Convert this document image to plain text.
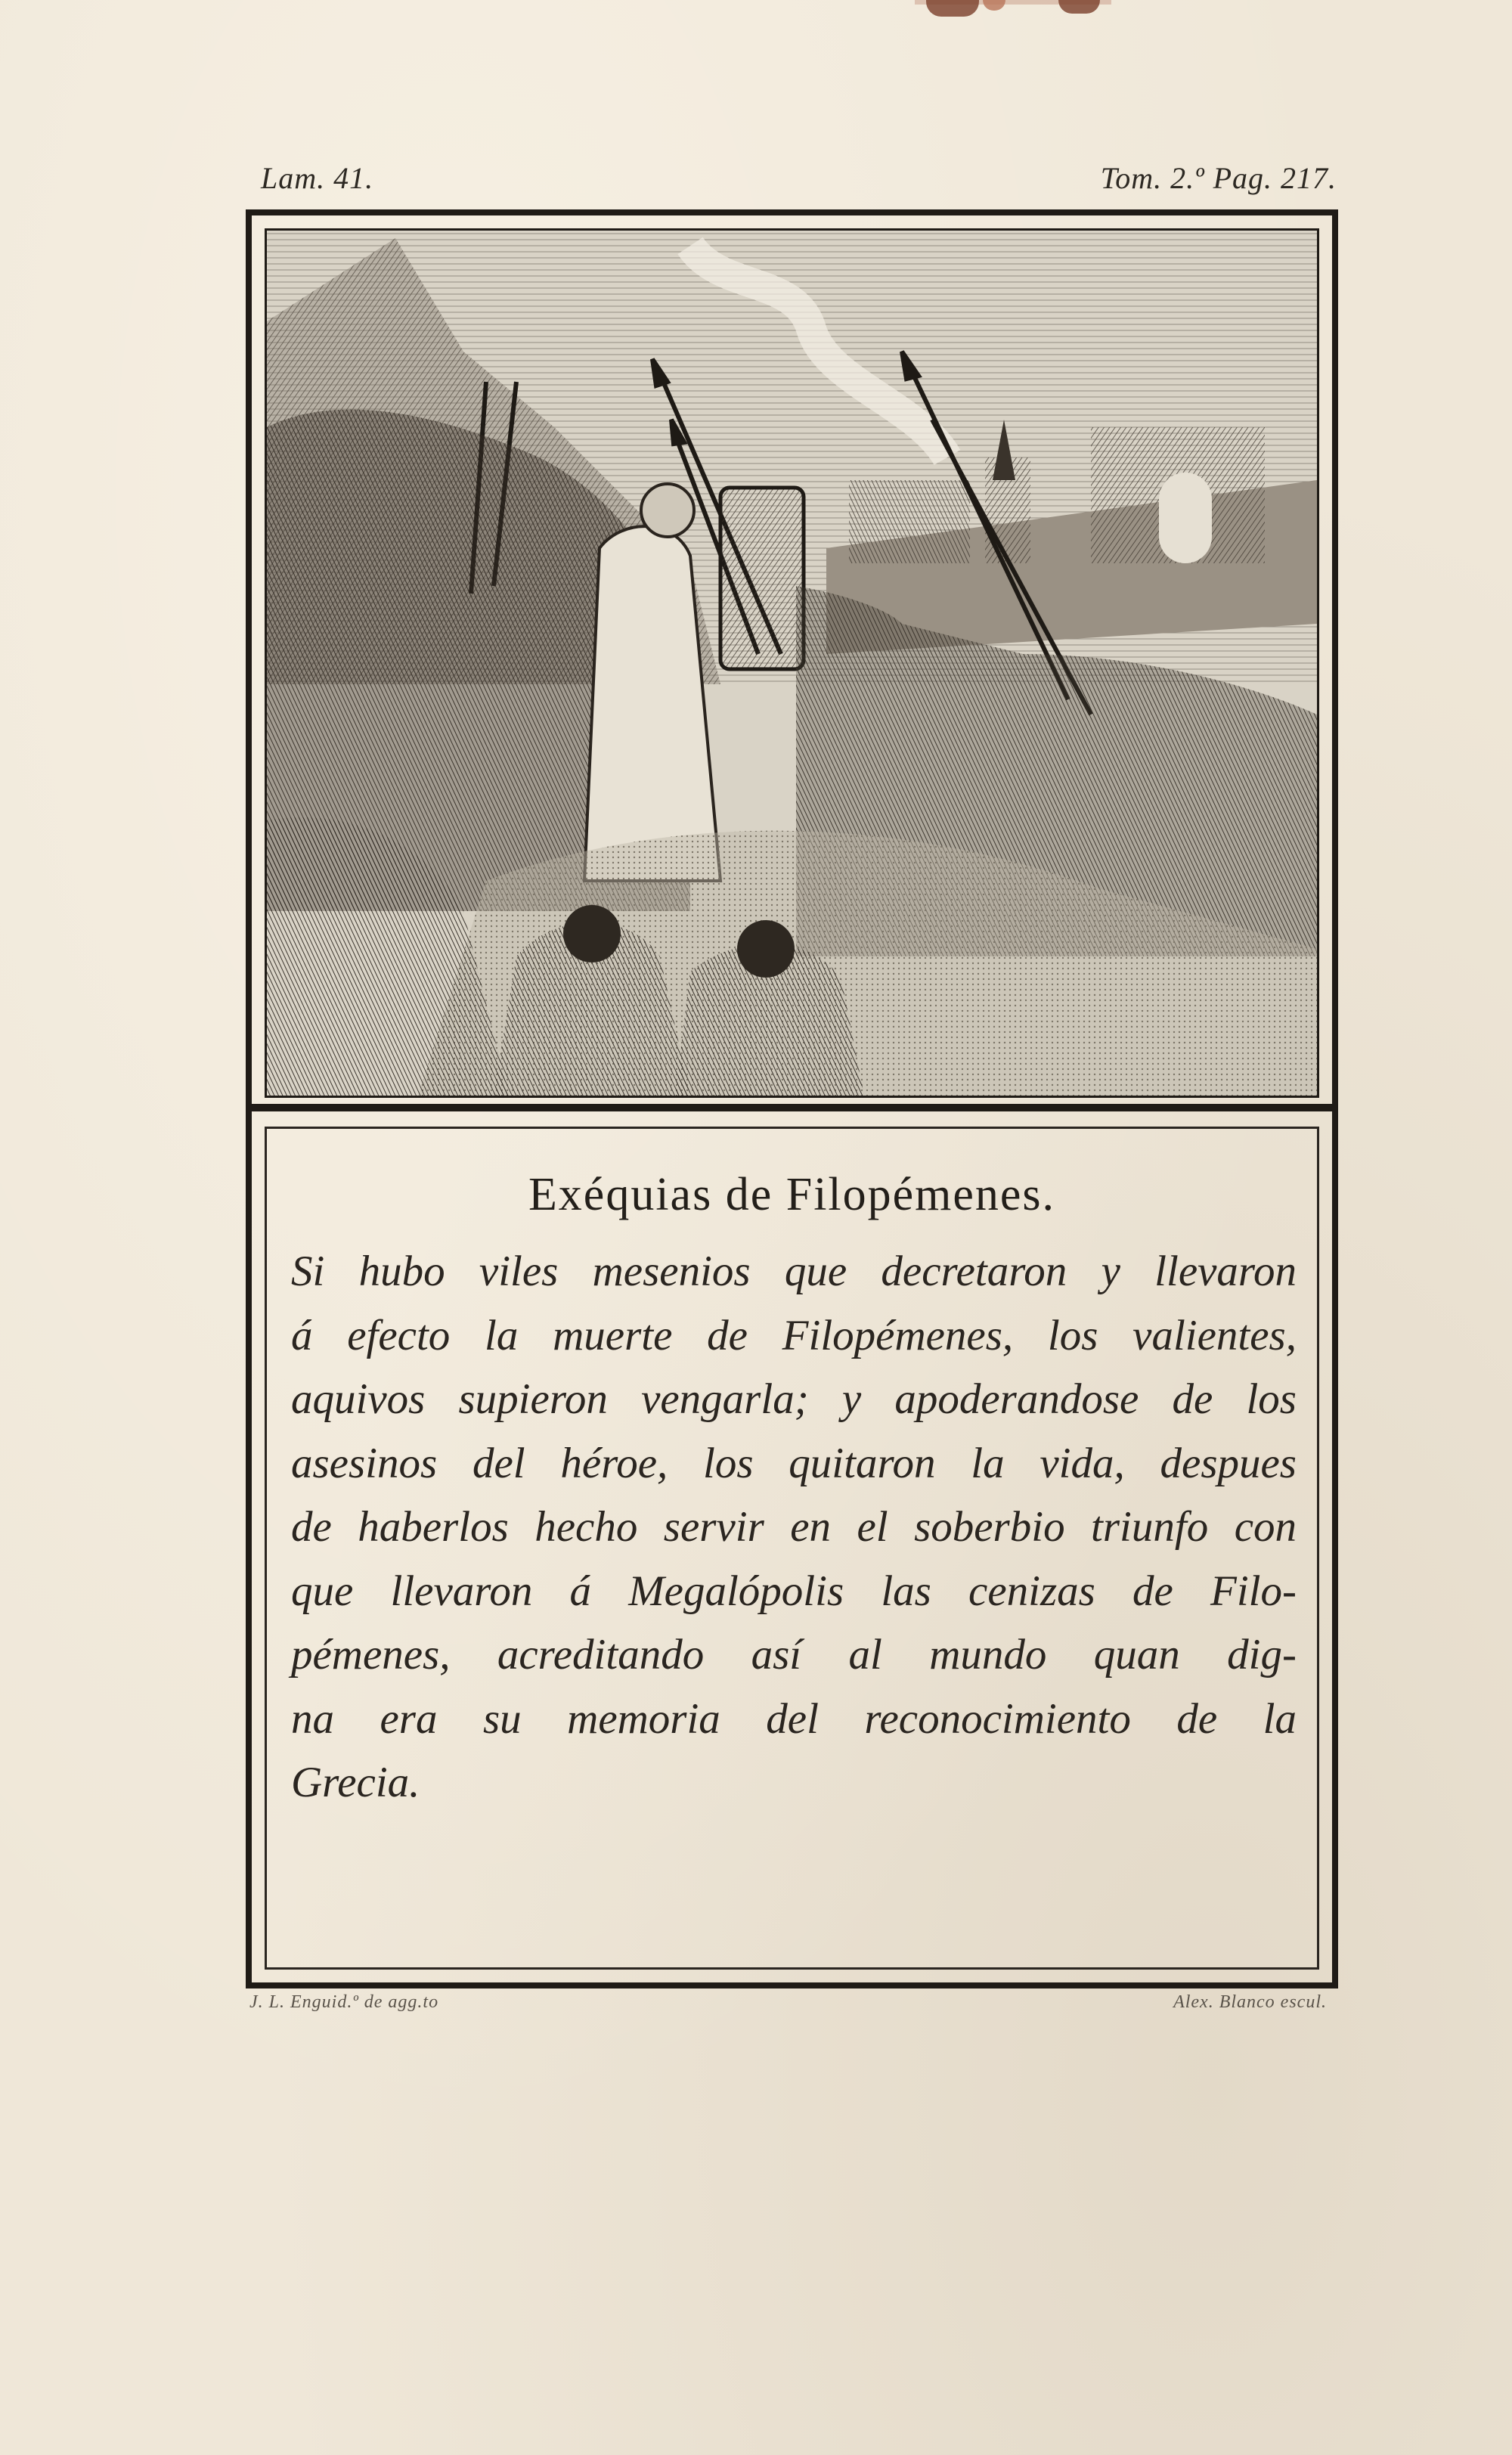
Lam. 41.	Tom. 2.º Pag. 217.
Exéquias de Filopémenes.
Si hubo viles mesenios que decretaron y llevaron
á efecto la muerte de Filopémenes, los valientes,
aquivos supieron vengarla; y apoderandose de los
asesinos del héroe, los quitaron la vida, despues
de haberlos hecho servir en el soberbio triunfo con
que llevaron á Megalópolis las cenizas de Filo-
pémenes, acreditando así al mundo quan dig-
na era su memoria del reconocimiento de la
Grecia.
J. L. Enguid.º de agg.to	Alex. Blanco escul.
